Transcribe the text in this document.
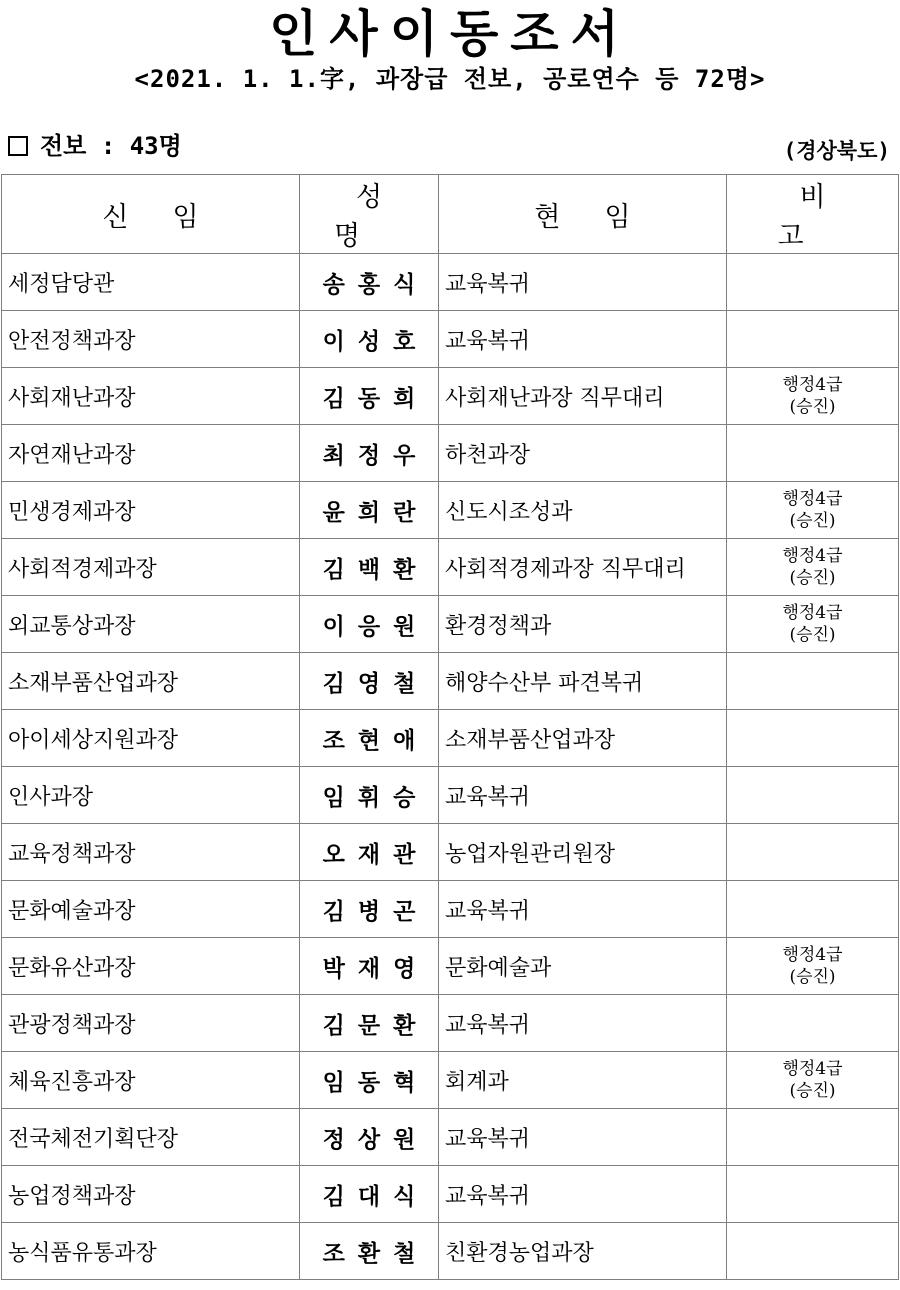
인사이동조서
<2021. 1. 1.字, 과장급 전보, 공로연수 등 72명>
전보 : 43명	(경상북도)
신임	성명	현임	비고
세정담당관	송홍식	교육복귀	

안전정책과장	이성호	교육복귀	

사회재난과장	김동희	사회재난과장 직무대리	행정4급
(승진)

자연재난과장	최정우	하천과장	

민생경제과장	윤희란	신도시조성과	행정4급
(승진)

사회적경제과장	김백환	사회적경제과장 직무대리	행정4급
(승진)

외교통상과장	이응원	환경정책과	행정4급
(승진)

소재부품산업과장	김영철	해양수산부 파견복귀	

아이세상지원과장	조현애	소재부품산업과장	

인사과장	임휘승	교육복귀	

교육정책과장	오재관	농업자원관리원장	

문화예술과장	김병곤	교육복귀	

문화유산과장	박재영	문화예술과	행정4급
(승진)

관광정책과장	김문환	교육복귀	

체육진흥과장	임동혁	회계과	행정4급
(승진)

전국체전기획단장	정상원	교육복귀	

농업정책과장	김대식	교육복귀	

농식품유통과장	조환철	친환경농업과장	
